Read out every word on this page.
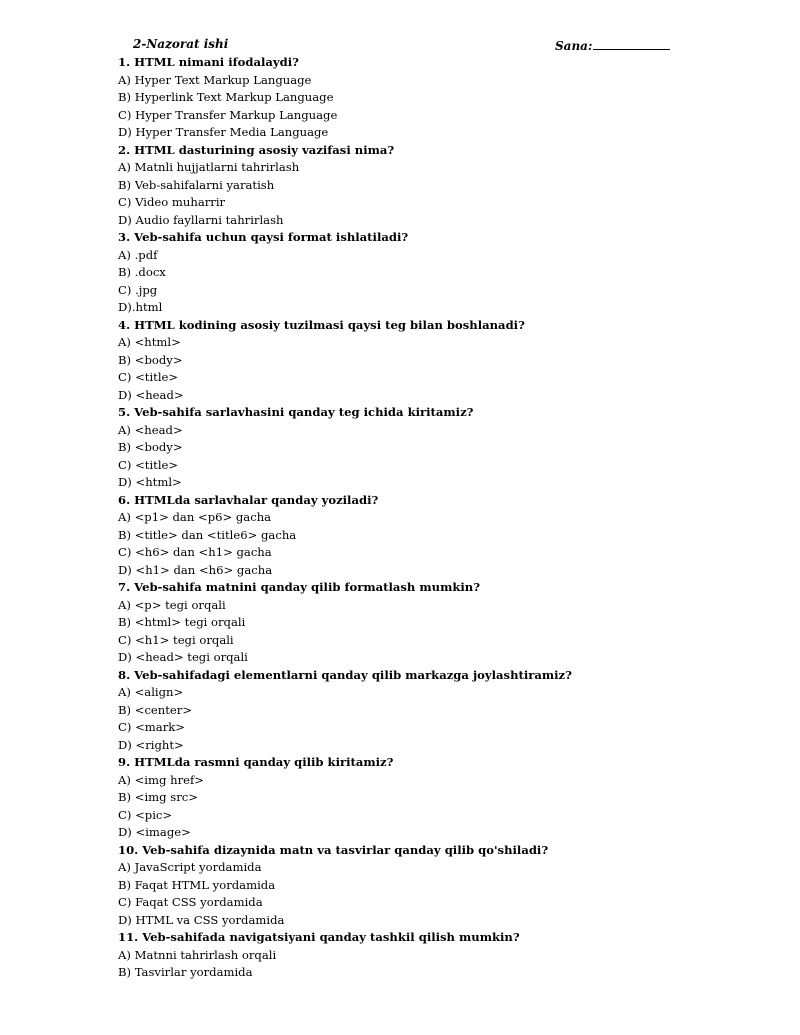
2-Nazorat ishi	Sana:
1. HTML nimani ifodalaydi?
A) Hyper Text Markup Language
B) Hyperlink Text Markup Language
C) Hyper Transfer Markup Language
D) Hyper Transfer Media Language
2. HTML dasturining asosiy vazifasi nima?
A) Matnli hujjatlarni tahrirlash
B) Veb-sahifalarni yaratish
C) Video muharrir
D) Audio fayllarni tahrirlash
3. Veb-sahifa uchun qaysi format ishlatiladi?
A) .pdf
B) .docx
C) .jpg
D).html
4. HTML kodining asosiy tuzilmasi qaysi teg bilan boshlanadi?
A) <html>
B) <body>
C) <title>
D) <head>
5. Veb-sahifa sarlavhasini qanday teg ichida kiritamiz?
A) <head>
B) <body>
C) <title>
D) <html>
6. HTMLda sarlavhalar qanday yoziladi?
A) <p1> dan <p6> gacha
B) <title> dan <title6> gacha
C) <h6> dan <h1> gacha
D) <h1> dan <h6> gacha
7. Veb-sahifa matnini qanday qilib formatlash mumkin?
A) <p> tegi orqali
B) <html> tegi orqali
C) <h1> tegi orqali
D) <head> tegi orqali
8. Veb-sahifadagi elementlarni qanday qilib markazga joylashtiramiz?
A) <align>
B) <center>
C) <mark>
D) <right>
9. HTMLda rasmni qanday qilib kiritamiz?
A) <img href>
B) <img src>
C) <pic>
D) <image>
10. Veb-sahifa dizaynida matn va tasvirlar qanday qilib qo'shiladi?
A) JavaScript yordamida
B) Faqat HTML yordamida
C) Faqat CSS yordamida
D) HTML va CSS yordamida
11. Veb-sahifada navigatsiyani qanday tashkil qilish mumkin?
A) Matnni tahrirlash orqali
B) Tasvirlar yordamida
